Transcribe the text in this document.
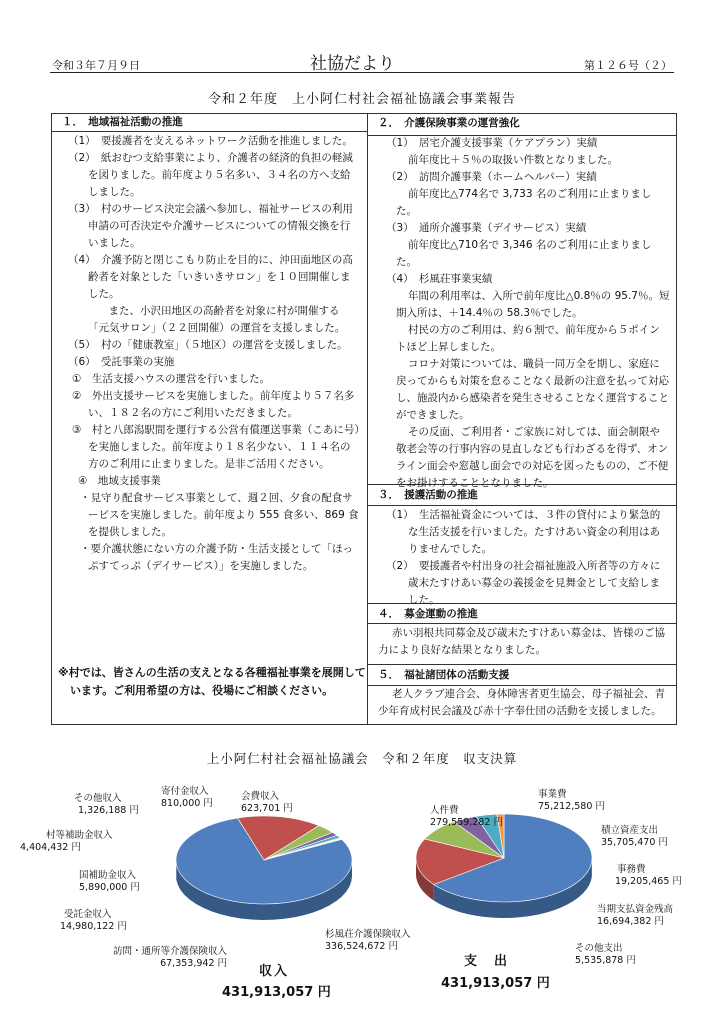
令和３年７月９日	社協だより	第１２６号（２）
令和２年度　上小阿仁村社会福祉協議会事業報告

１．　地域福祉活動の推進

（1）　要援護者を支えるネットワーク活動を推進しました。

（2）　紙おむつ支給事業により、介護者の経済的負担の軽減を図りました。前年度より５名多い、３４名の方へ支給しました。

（3）　村のサービス決定会議へ参加し、福祉サービスの利用申請の可否決定や介護サービスについての情報交換を行いました。

（4）　介護予防と閉じこもり防止を目的に、沖田面地区の高齢者を対象とした「いきいきサロン」を１０回開催しました。

　また、小沢田地区の高齢者を対象に村が開催する「元気サロン」（２２回開催）の運営を支援しました。

（5）　村の「健康教室」（５地区）の運営を支援しました。

（6）　受託事業の実施

①　生活支援ハウスの運営を行いました。

②　外出支援サービスを実施しました。前年度より５７名多い、１８２名の方にご利用いただきました。

③　村と八郎潟駅間を運行する公営有償運送事業（こあに号）を実施しました。前年度より１８名少ない、１１４名の方のご利用に止まりました。是非ご活用ください。

④　地域支援事業

・見守り配食サービス事業として、週２回、夕食の配食サービスを実施しました。前年度より 555 食多い、869 食を提供しました。

・要介護状態にない方の介護予防・生活支援として「ほっぷすてっぷ（デイサービス）」を実施しました。

※村では、皆さんの生活の支えとなる各種福祉事業を展開しています。ご利用希望の方は、役場にご相談ください。

２．　介護保険事業の運営強化

（1）　居宅介護支援事業（ケアプラン）実績

前年度比＋５％の取扱い件数となりました。

（2）　訪問介護事業（ホームヘルパー）実績

前年度比△774名で 3,733 名のご利用に止まりました。

（3）　通所介護事業（デイサービス）実績

前年度比△710名で 3,346 名のご利用に止まりました。

（4）　杉風荘事業実績

年間の利用率は、入所で前年度比△0.8％の 95.7％。短期入所は、＋14.4％の 58.3％でした。

村民の方のご利用は、約６割で、前年度から５ポイントほど上昇しました。

コロナ対策については、職員一同万全を期し、家庭に戻ってからも対策を怠ることなく最新の注意を払って対応し、施設内から感染者を発生させることなく運営することができました。

その反面、ご利用者・ご家族に対しては、面会制限や敬老会等の行事内容の見直しなども行わざるを得ず、オンライン面会や窓越し面会での対応を図ったものの、ご不便をお掛けすることとなりました。

３．　援護活動の推進

（1）　生活福祉資金については、３件の貸付により緊急的な生活支援を行いました。たすけあい資金の利用はありませんでした。

（2）　要援護者や村出身の社会福祉施設入所者等の方々に歳末たすけあい募金の義援金を見舞金として支給しました。

４．　募金運動の推進

赤い羽根共同募金及び歳末たすけあい募金は、皆様のご協力により良好な結果となりました。

５．　福祉諸団体の活動支援

老人クラブ連合会、身体障害者更生協会、母子福祉会、青少年育成村民会議及び赤十字奉仕団の活動を支援しました。

上小阿仁村社会福祉協議会　令和２年度　収支決算
その他収入
1,326,188 円
寄付金収入
810,000 円
会費収入
623,701 円
村等補助金収入
4,404,432 円
国補助金収入
5,890,000 円
受託金収入
14,980,122 円
訪問・通所等介護保険収入
67,353,942 円
杉風荘介護保険収入
336,524,672 円
収入
431,913,057 円
人件費
279,559,282 円
事業費
75,212,580 円
積立資産支出
35,705,470 円
事務費
19,205,465 円
当期支払資金残高
16,694,382 円
その他支出
5,535,878 円
支　出
431,913,057 円
